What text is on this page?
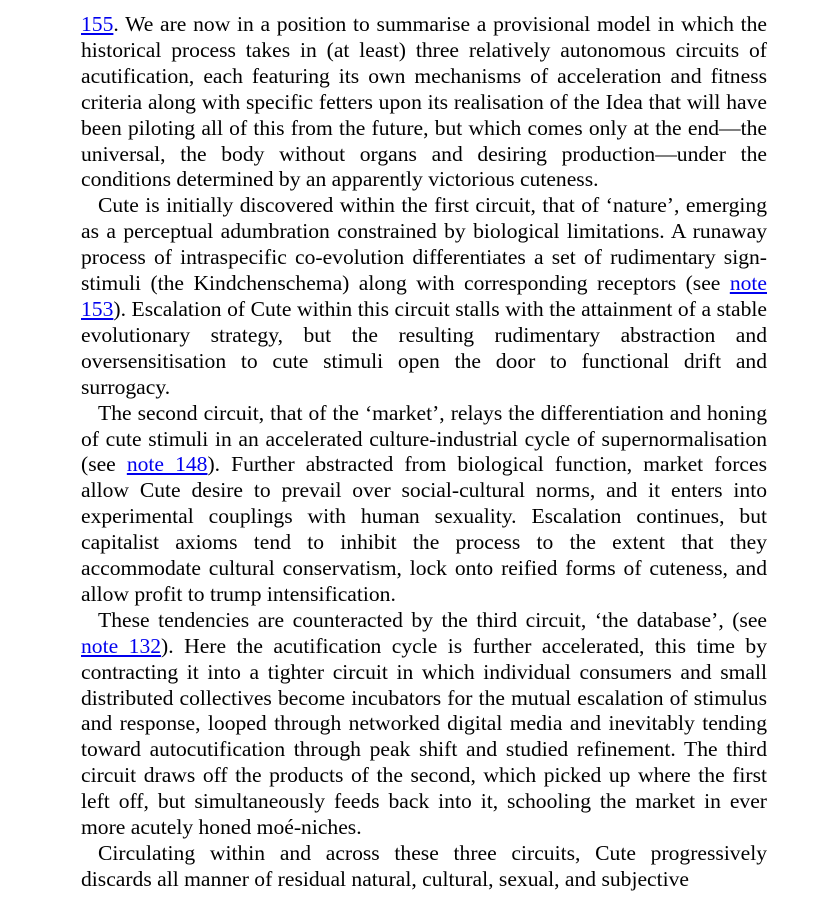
155. We are now in a position to summarise a provisional model in which the historical process takes in (at least) three relatively autonomous circuits of acutification, each featuring its own mechanisms of acceleration and fitness criteria along with specific fetters upon its realisation of the Idea that will have been piloting all of this from the future, but which comes only at the end—the universal, the body without organs and desiring production—under the conditions determined by an apparently victorious cuteness.

Cute is initially discovered within the first circuit, that of ‘nature’, emerging as a perceptual adumbration constrained by biological limitations. A runaway process of intraspecific co-evolution differentiates a set of rudimentary sign-stimuli (the Kindchenschema) along with corresponding receptors (see note 153). Escalation of Cute within this circuit stalls with the attainment of a stable evolutionary strategy, but the resulting rudimentary abstraction and oversensitisation to cute stimuli open the door to functional drift and surrogacy.

The second circuit, that of the ‘market’, relays the differentiation and honing of cute stimuli in an accelerated culture-industrial cycle of supernormalisation (see note 148). Further abstracted from biological function, market forces allow Cute desire to prevail over social-cultural norms, and it enters into experimental couplings with human sexuality. Escalation continues, but capitalist axioms tend to inhibit the process to the extent that they accommodate cultural conservatism, lock onto reified forms of cuteness, and allow profit to trump intensification.

These tendencies are counteracted by the third circuit, ‘the database’, (see note 132). Here the acutification cycle is further accelerated, this time by contracting it into a tighter circuit in which individual consumers and small distributed collectives become incubators for the mutual escalation of stimulus and response, looped through networked digital media and inevitably tending toward autocutification through peak shift and studied refinement. The third circuit draws off the products of the second, which picked up where the first left off, but simultaneously feeds back into it, schooling the market in ever more acutely honed moé-niches.

Circulating within and across these three circuits, Cute progressively discards all manner of residual natural, cultural, sexual, and subjective
